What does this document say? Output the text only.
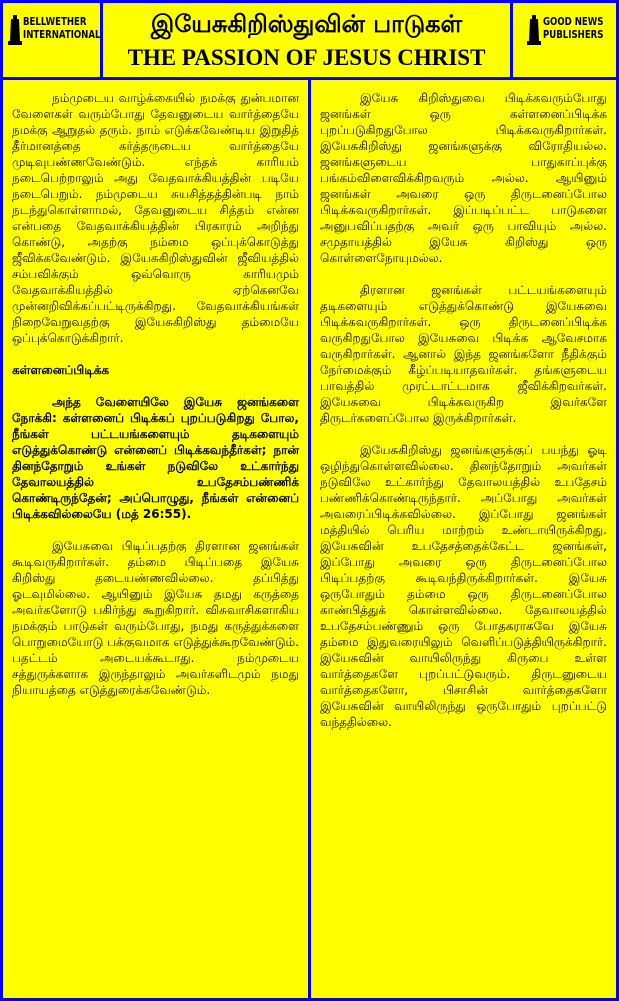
BELLWETHER
INTERNATIONAL	இயேசுகிறிஸ்துவின் பாடுகள்
THE PASSION OF JESUS CHRIST
GOOD NEWS
PUBLISHERS

நம்முடைய வாழ்க்கையில் நமக்கு துன்பமான வேளைகள் வரும்போது தேவனுடைய வார்த்தையே நமக்கு ஆறுதல் தரும். நாம் எடுக்கவேண்டிய இறுதித் தீர்மானத்தை கர்த்தருடைய வார்த்தையே முடிவுபண்ணவேண்டும். எந்தக் காரியம் நடைபெற்றாலும் அது வேதவாக்கியத்தின் படியே நடைபெறும். நம்முடைய சுயசித்தத்தின்படி நாம் நடந்துகொள்ளாமல், தேவனுடைய சித்தம் என்ன என்பதை வேதவாக்கியத்தின் பிரகாரம் அறிந்து கொண்டு, அதற்கு நம்மை ஒப்புக்கொடுத்து ஜீவிக்கவேண்டும். இயேசுகிறிஸ்துவின் ஜீவியத்தில் சம்பவிக்கும் ஒவ்வொரு காரியமும் வேதவாக்கியத்தில் ஏற்கெனவே முன்னறிவிக்கப்பட்டிருக்கிறது. வேதவாக்கியங்கள் நிறைவேறுவதற்கு இயேசுகிறிஸ்து தம்மையே ஒப்புக்கொடுக்கிறார்.

கள்ளனைப்பிடிக்க

அந்த வேளையிலே இயேசு ஜனங்களை நோக்கி: கள்ளனைப் பிடிக்கப் புறப்படுகிறது போல, நீங்கள் பட்டயங்களையும் தடிகளையும் எடுத்துக்கொண்டு என்னைப் பிடிக்கவந்தீர்கள்; நான் தினந்தோறும் உங்கள் நடுவிலே உட்கார்ந்து தேவாலயத்தில் உபதேசம்பண்ணிக் கொண்டிருந்தேன்; அப்பொழுது, நீங்கள் என்னைப் பிடிக்கவில்லையே (மத் 26:55).

இயேசுவை பிடிப்பதற்கு திரளான ஜனங்கள் கூடிவருகிறார்கள். தம்மை பிடிப்பதை இயேசு கிறிஸ்து தடையண்ணவில்லை. தப்பித்து ஓடவுமில்லை. ஆயினும் இயேசு தமது கருத்தை அவர்களோடு பகிர்ந்து கூறுகிறார். விசுவாசிகளாகிய நமக்கும் பாடுகள் வரும்போது, நமது கருத்துக்களை பொறுமையோடு பக்குவமாக எடுத்துக்கூறவேண்டும். பதட்டம் அடையக்கூடாது. நம்முடைய சத்துருக்களாக இருந்தாலும் அவர்களிடமும் நமது நியாயத்தை எடுத்துரைக்கவேண்டும்.

இயேசு கிறிஸ்துவை பிடிக்கவரும்போது ஜனங்கள் ஒரு கள்ளனைப்பிடிக்க புறப்படுகிறதுபோல பிடிக்கவருகிறார்கள். இயேசுகிறிஸ்து ஜனங்களுக்கு விரோதியல்ல. ஜனங்களுடைய பாதுகாப்புக்கு பங்கம்விளைவிக்கிறவரும் அல்ல. ஆயினும் ஜனங்கள் அவரை ஒரு திருடனைப்போல பிடிக்கவருகிறார்கள். இப்படிப்பட்ட பாடுகளை அனுபவிப்பதற்கு அவர் ஒரு பாவியும் அல்ல. சமுதாயத்தில் இயேசு கிறிஸ்து ஒரு கொள்ளைநோயுமல்ல.

திரளான ஜனங்கள் பட்டயங்களையும் தடிகளையும் எடுத்துக்கொண்டு இயேசுவை பிடிக்கவருகிறார்கள். ஒரு திருடனைப்பிடிக்க வருகிறதுபோல இயேசுவை பிடிக்க ஆவேசமாக வருகிறார்கள். ஆனால் இந்த ஜனங்களோ நீதிக்கும் நேர்மைக்கும் கீழ்ப்படியாதவர்கள். தங்களுடைய பாவத்தில் முரட்டாட்டமாக ஜீவிக்கிறவர்கள். இயேசுவை பிடிக்கவருகிற இவர்களே திருடர்களைப்போல இருக்கிறார்கள்.

இயேசுகிறிஸ்து ஜனங்களுக்குப் பயந்து ஓடி ஒழிந்துகொள்ளவில்லை. தினந்தோறும் அவர்கள் நடுவிலே உட்கார்ந்து தேவாலயத்தில் உபதேசம் பண்ணிக்கொண்டிருந்தார். அப்போது அவர்கள் அவரைப்பிடிக்கவில்லை. இப்போது ஜனங்கள் மத்தியில் பெரிய மாற்றம் உண்டாயிருக்கிறது. இயேசுவின் உபதேசத்தைக்கேட்ட ஜனங்கள், இப்போது அவரை ஒரு திருடனைப்போல பிடிப்பதற்கு கூடிவந்திருக்கிறார்கள். இயேசு ஒருபோதும் தம்மை ஒரு திருடனைப்போல காண்பித்துக் கொள்ளவில்லை. தேவாலயத்தில் உபதேசம்பண்ணும் ஒரு போதகராகவே இயேசு தம்மை இதுவரையிலும் வெளிப்படுத்தியிருக்கிறார். இயேசுவின் வாயிலிருந்து கிருபை உள்ள வார்த்தைகளே புறப்பட்டுவரும். திருடனுடைய வார்த்தைகளோ, பிசாசின் வார்த்தைகளோ இயேசுவின் வாயிலிருந்து ஒருபோதும் புறப்பட்டு வந்ததில்லை.
